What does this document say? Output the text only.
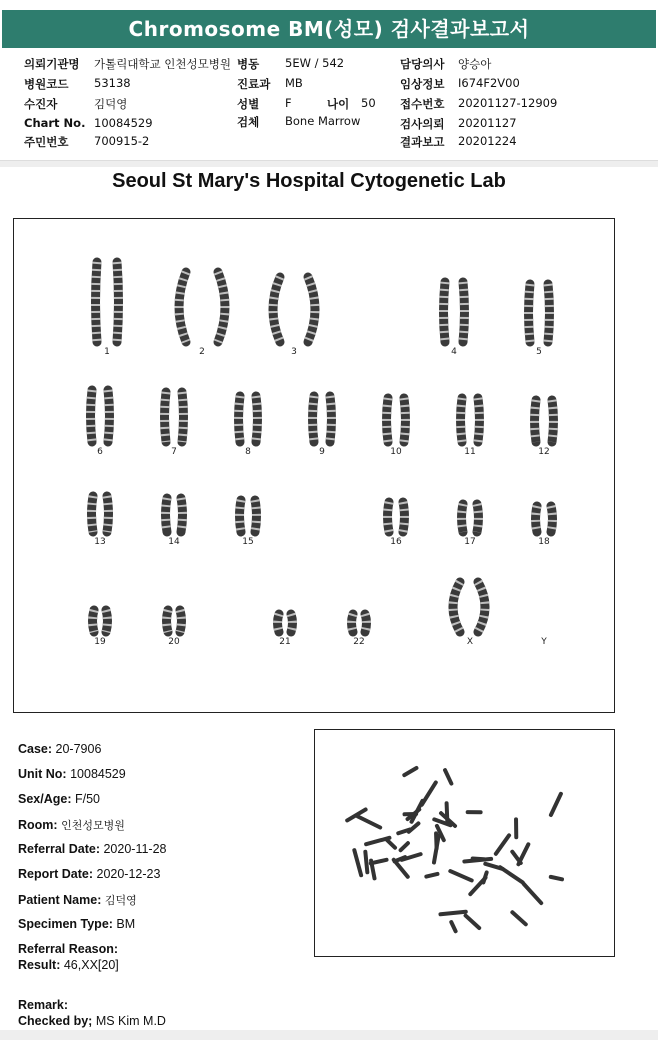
Chromosome BM(성모) 검사결과보고서
의뢰기관명 가톨릭대학교 인천성모병원
병원코드 53138
수진자	김덕영
Chart No. 10084529
주민번호 700915-2
병동 5EW / 542
진료과 MB
성별 F	나이 50
검체 Bone Marrow
담당의사 양승아
임상정보 I674F2V00
접수번호 20201127-12909
검사의뢰 20201127
결과보고 20201224
Seoul St Mary's Hospital Cytogenetic Lab
1	2	3	4	5
6	7	8	9	10	11	12
13	14	15	16	17	18
19	20	21	22	X	Y
Case: 20-7906
Unit No: 10084529
Sex/Age: F/50
Room: 인천성모병원
Referral Date: 2020-11-28
Report Date: 2020-12-23
Patient Name: 김덕영
Specimen Type: BM
Referral Reason:
Result: 46,XX[20]
Remark:
Checked by; MS Kim M.D
